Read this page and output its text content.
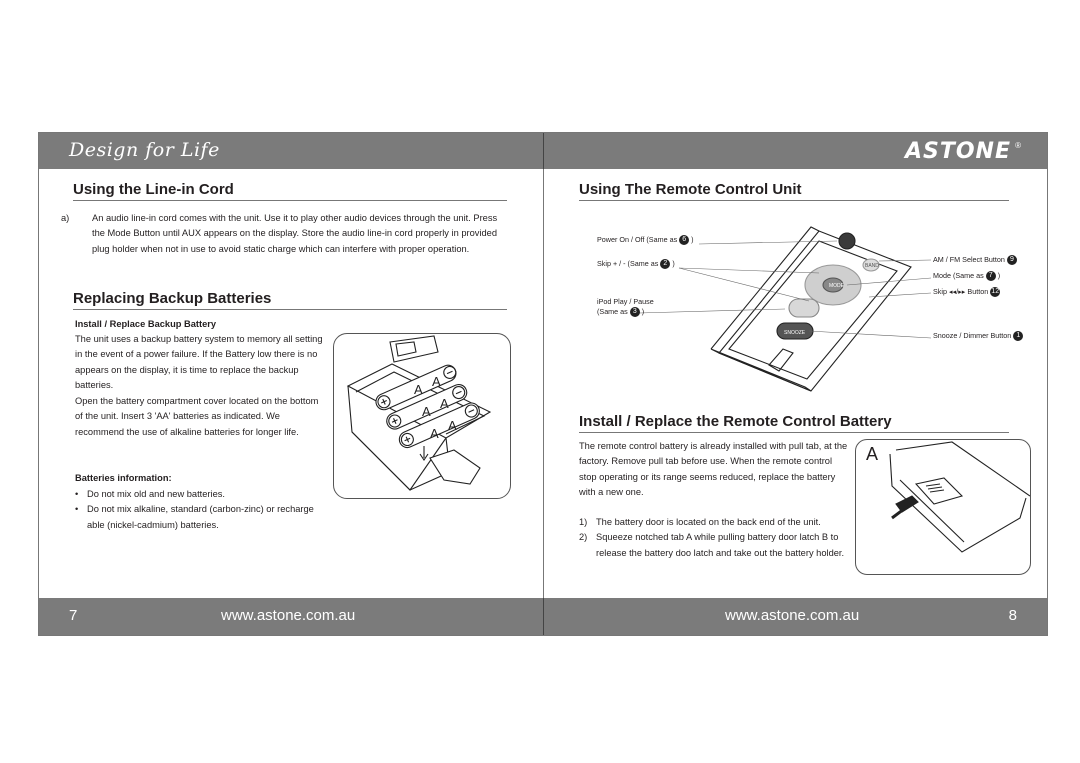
Design for Life	ASTONE ®
Using the Line-in Cord
a) An audio line-in cord comes with the unit. Use it to play other audio devices through the unit. Press the Mode Button until AUX appears on the display. Store the audio line-in cord properly in provided plug holder when not in use to avoid static charge which can interfere with proper operation.
Replacing Backup Batteries
Install / Replace Backup Battery
The unit uses a backup battery system to memory all setting in the event of a power failure. If the Battery low there is no appears on the display, it is time to replace the backup batteries.
Open the battery compartment cover located on the bottom of the unit. Insert 3 'AA' batteries as indicated. We recommend the use of alkaline batteries for longer life.
Batteries information:
• Do not mix old and new batteries.
• Do not mix alkaline, standard (carbon-zinc) or recharge able (nickel-cadmium) batteries.
A
A
A
A
A
A
Using The Remote Control Unit
SNOOZE
MODE
BAND
Power On / Off (Same as 6 )
Skip + / - (Same as 2 )
iPod Play / Pause
(Same as 3 )
AM / FM Select Button 9
Mode (Same as 7 )
Skip ◂◂/▸▸ Button 12
Snooze / Dimmer Button 1
Install / Replace the Remote Control Battery
The remote control battery is already installed with pull tab, at the factory. Remove pull tab before use. When the remote control stop operating or its range seems reduced, replace the battery with a new one.
1) The battery door is located on the back end of the unit.
2) Squeeze notched tab A while pulling battery door latch B to release the battery doo latch and take out the battery holder.
A
7	www.astone.com.au	www.astone.com.au	8
